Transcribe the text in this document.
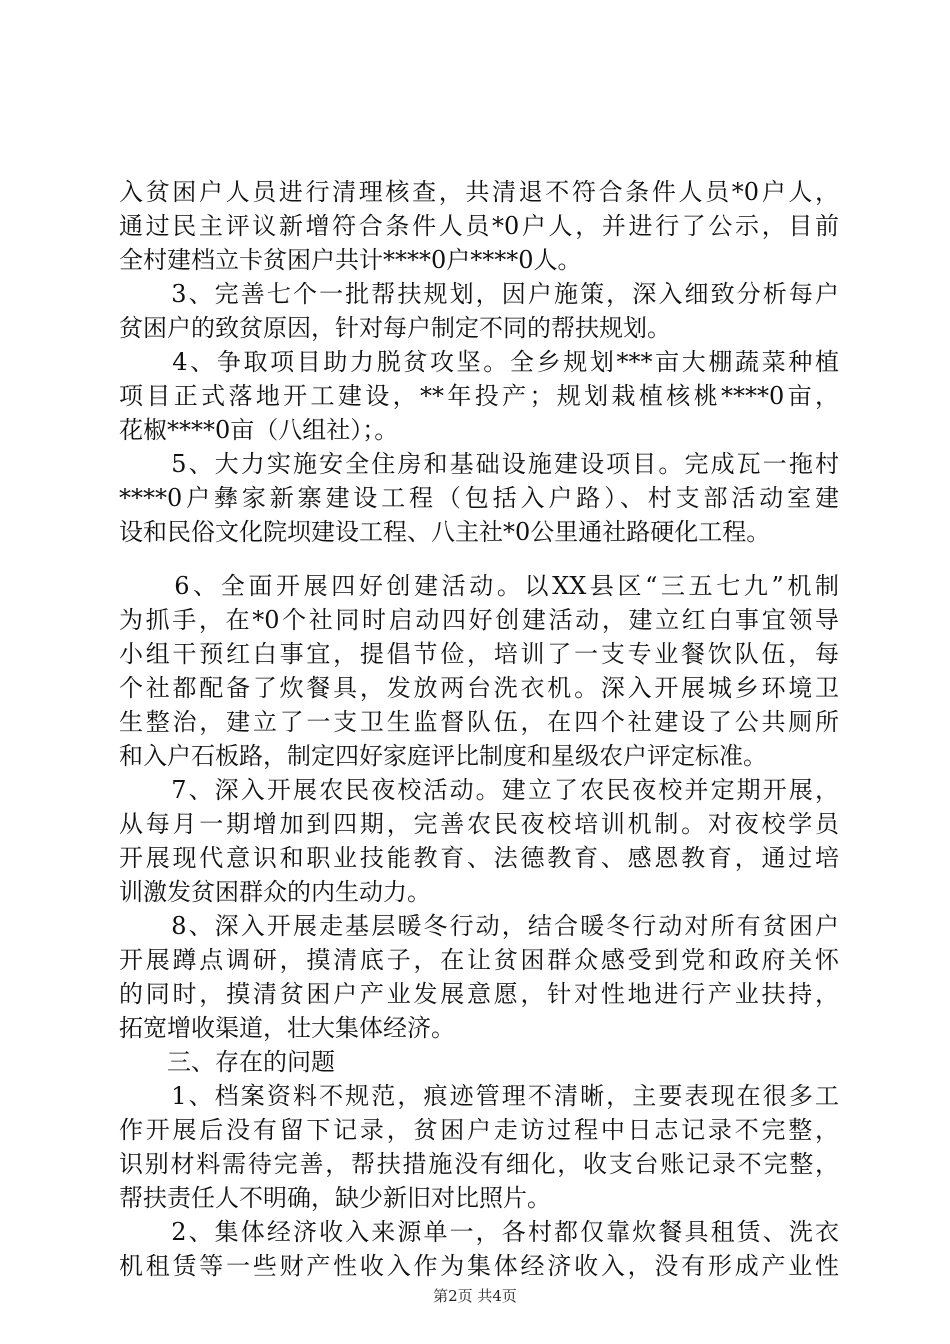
入贫困户人员进行清理核查，共清退不符合条件人员*0户人，
通过民主评议新增符合条件人员*0户人，并进行了公示，目前
全村建档立卡贫困户共计****0户****0人。
　　3、完善七个一批帮扶规划，因户施策，深入细致分析每户
贫困户的致贫原因，针对每户制定不同的帮扶规划。
　　4、争取项目助力脱贫攻坚。全乡规划***亩大棚蔬菜种植
项目正式落地开工建设，**年投产；规划栽植核桃****0亩，
花椒****0亩（八组社）；。
　　5、大力实施安全住房和基础设施建设项目。完成瓦一拖村
****0户彝家新寨建设工程（包括入户路）、村支部活动室建
设和民俗文化院坝建设工程、八主社*0公里通社路硬化工程。
　　6、全面开展四好创建活动。以XX县区“三五七九”机制
为抓手，在*0个社同时启动四好创建活动，建立红白事宜领导
小组干预红白事宜，提倡节俭，培训了一支专业餐饮队伍，每
个社都配备了炊餐具，发放两台洗衣机。深入开展城乡环境卫
生整治，建立了一支卫生监督队伍，在四个社建设了公共厕所
和入户石板路，制定四好家庭评比制度和星级农户评定标准。
　　7、深入开展农民夜校活动。建立了农民夜校并定期开展，
从每月一期增加到四期，完善农民夜校培训机制。对夜校学员
开展现代意识和职业技能教育、法德教育、感恩教育，通过培
训激发贫困群众的内生动力。
　　8、深入开展走基层暖冬行动，结合暖冬行动对所有贫困户
开展蹲点调研，摸清底子，在让贫困群众感受到党和政府关怀
的同时，摸清贫困户产业发展意愿，针对性地进行产业扶持，
拓宽增收渠道，壮大集体经济。
　　三、存在的问题
　　1、档案资料不规范，痕迹管理不清晰，主要表现在很多工
作开展后没有留下记录，贫困户走访过程中日志记录不完整，
识别材料需待完善，帮扶措施没有细化，收支台账记录不完整，
帮扶责任人不明确，缺少新旧对比照片。
　　2、集体经济收入来源单一，各村都仅靠炊餐具租赁、洗衣
机租赁等一些财产性收入作为集体经济收入，没有形成产业性
第2页 共4页
